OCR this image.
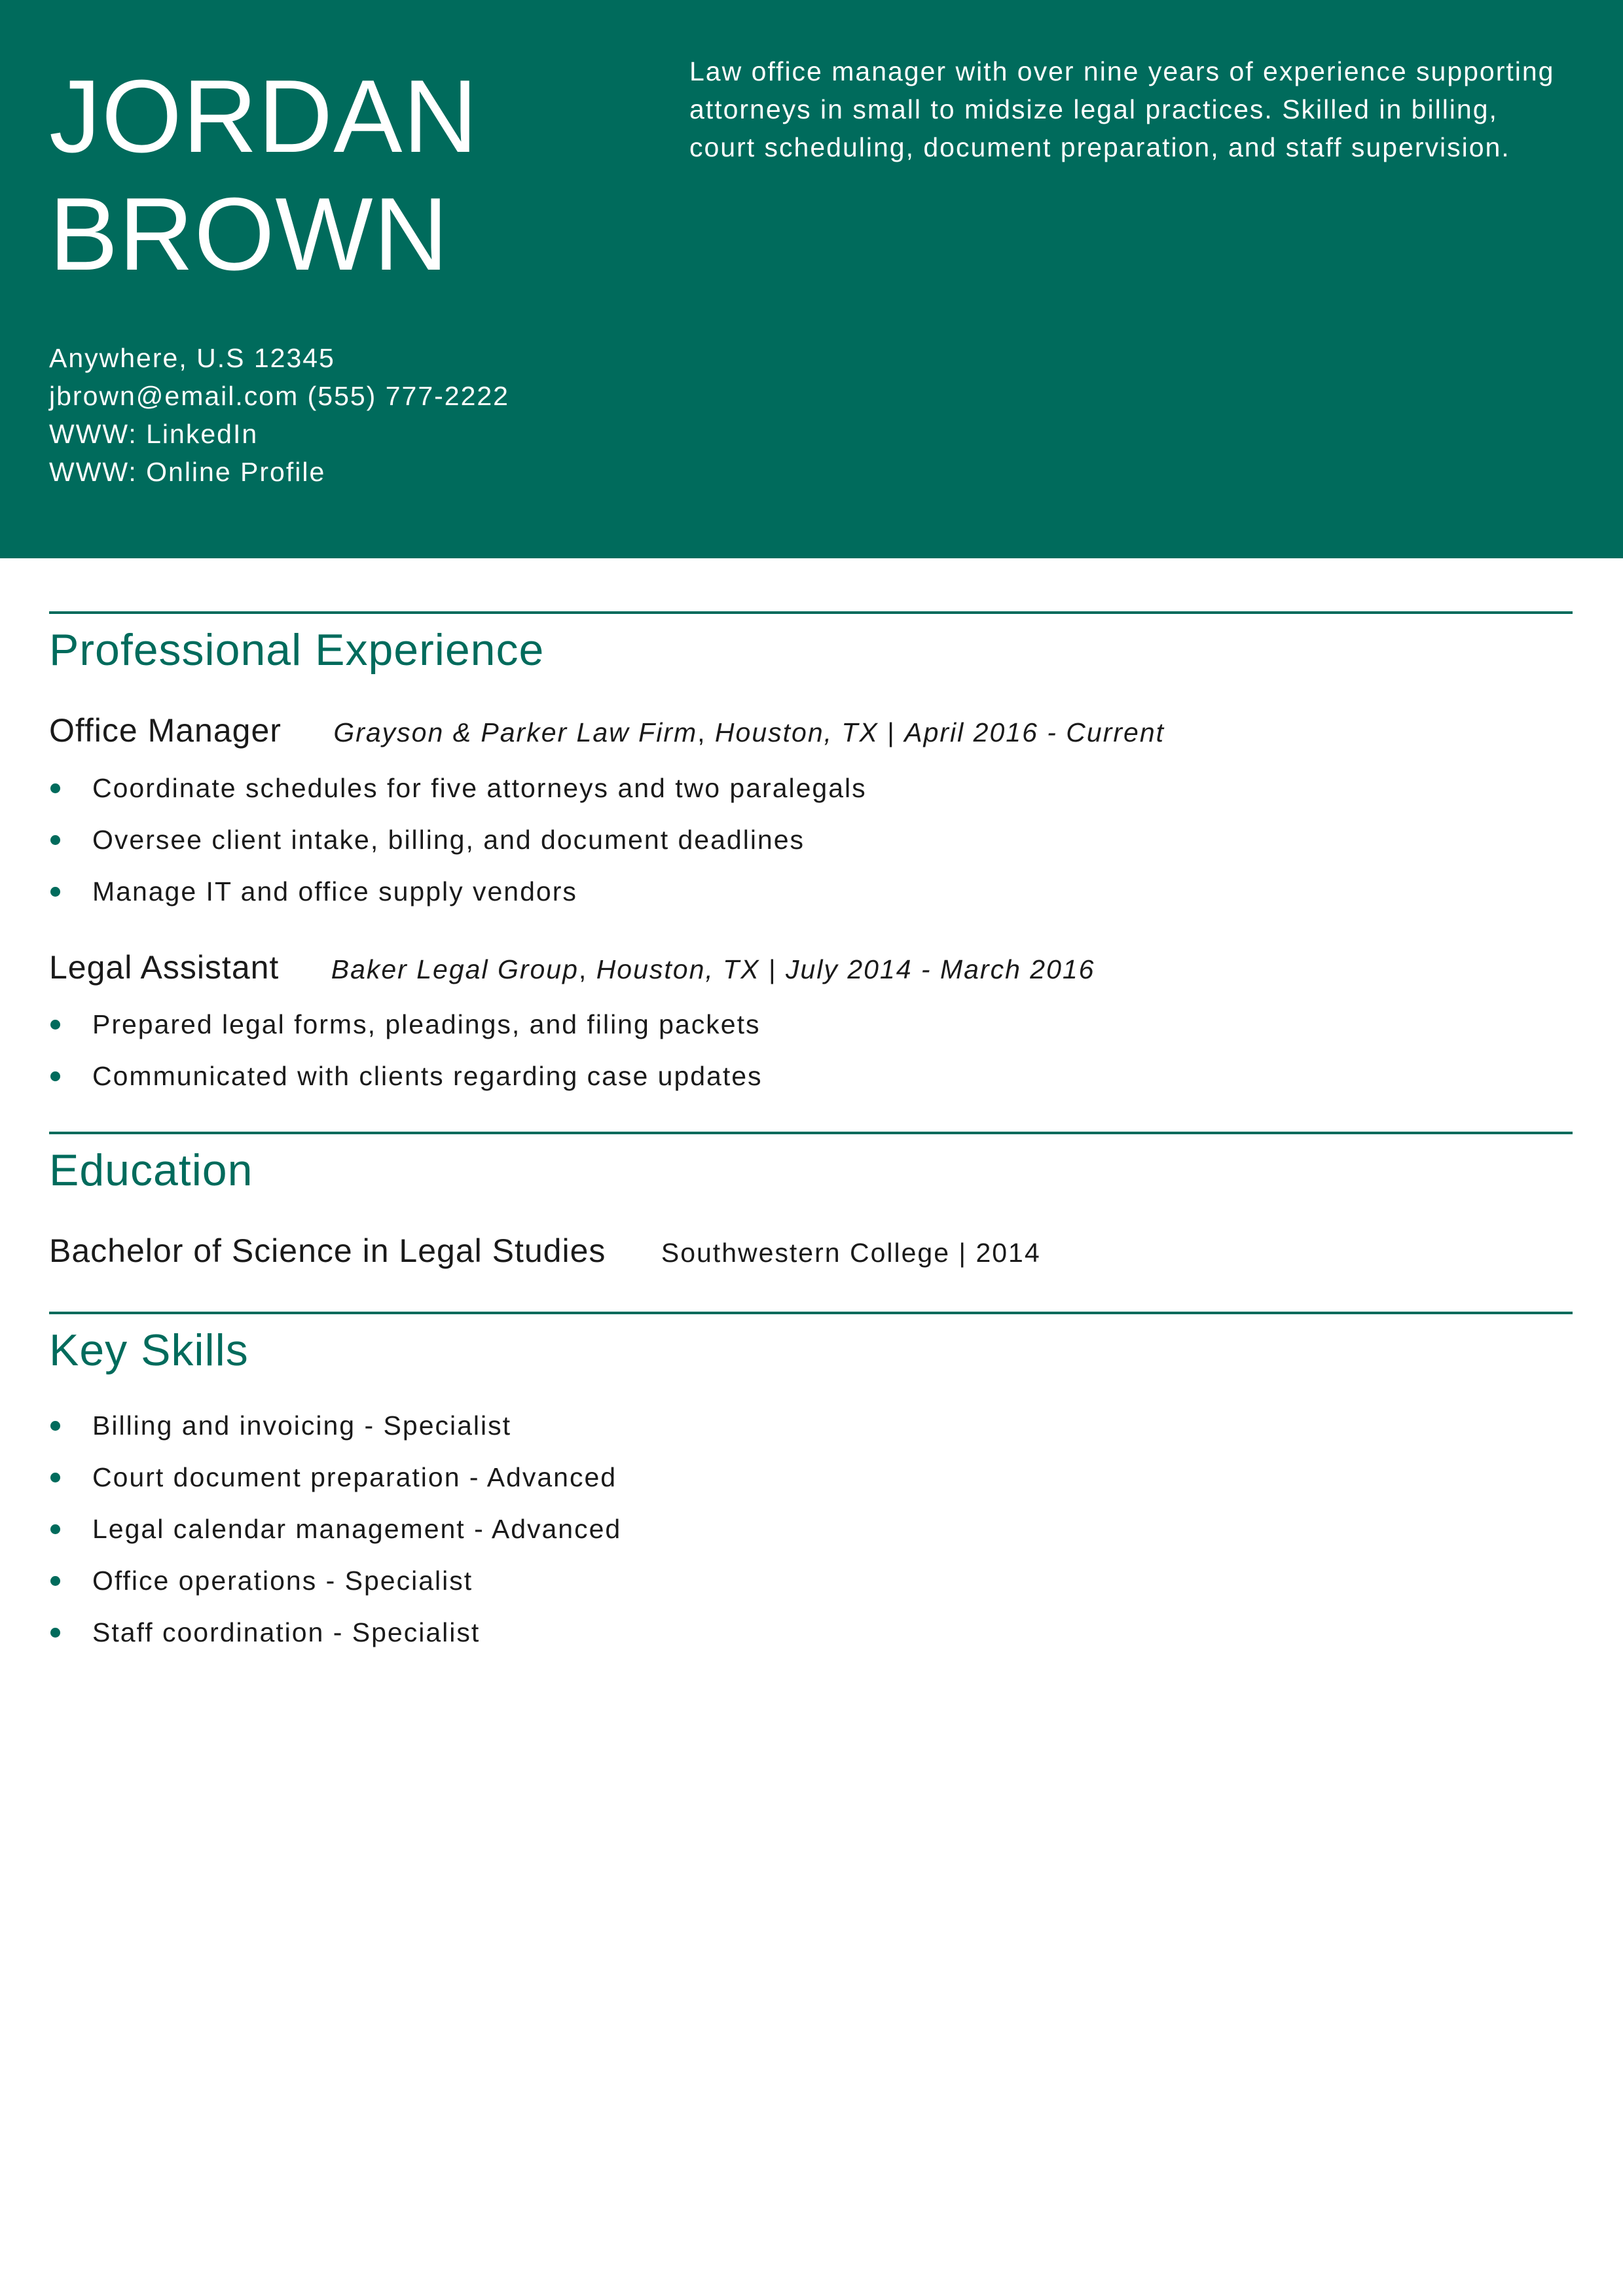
JORDAN
BROWN

Law office manager with over nine years of experience supporting attorneys in small to midsize legal practices. Skilled in billing, court scheduling, document preparation, and staff supervision.

Anywhere, U.S 12345
jbrown@email.com (555) 777-2222
WWW: LinkedIn
WWW: Online Profile
Professional Experience
Office Manager Grayson & Parker Law Firm, Houston, TX | April 2016 - Current
Coordinate schedules for five attorneys and two paralegals
Oversee client intake, billing, and document deadlines
Manage IT and office supply vendors
Legal Assistant Baker Legal Group, Houston, TX | July 2014 - March 2016
Prepared legal forms, pleadings, and filing packets
Communicated with clients regarding case updates
Education
Bachelor of Science in Legal Studies Southwestern College | 2014
Key Skills
Billing and invoicing - Specialist
Court document preparation - Advanced
Legal calendar management - Advanced
Office operations - Specialist
Staff coordination - Specialist
